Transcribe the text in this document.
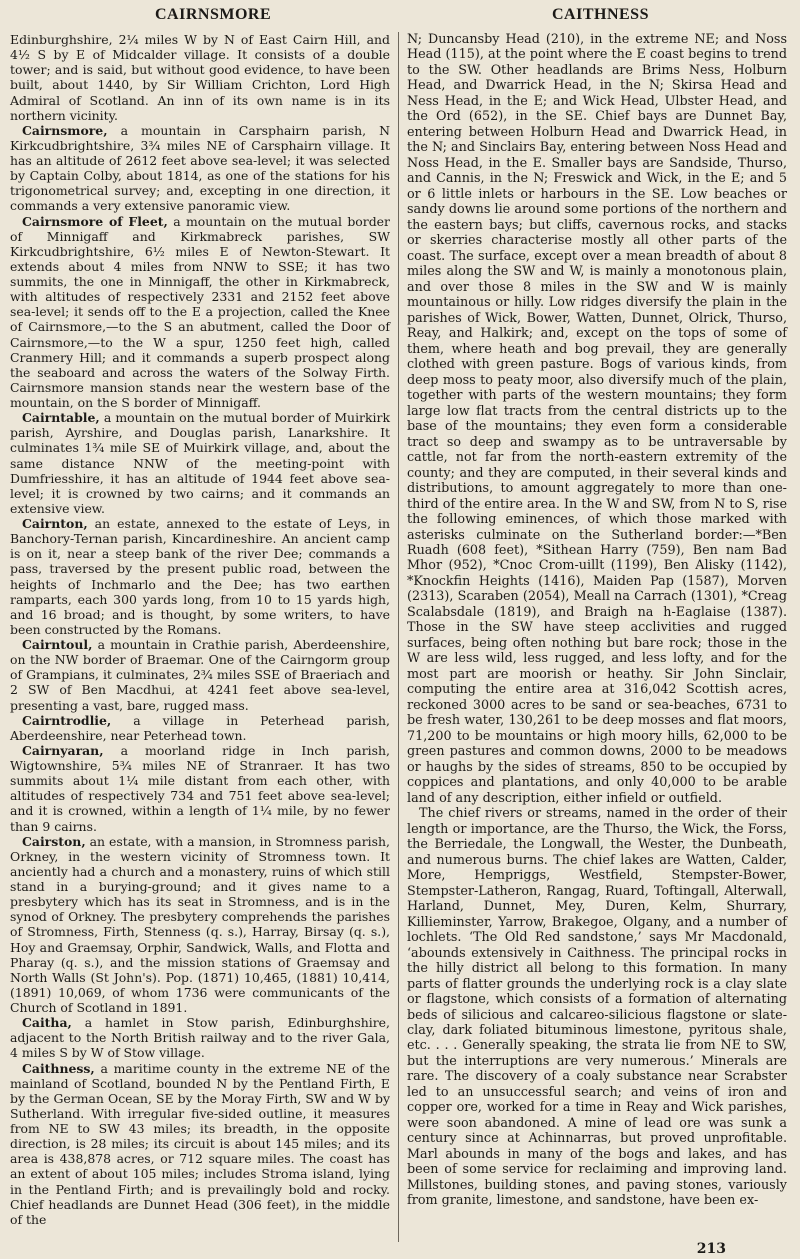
CAIRNSMORE	CAITHNESS

Edinburghshire, 2¼ miles W by N of East Cairn Hill, and 4½ S by E of Midcalder village. It consists of a double tower; and is said, but without good evidence, to have been built, about 1440, by Sir William Crichton, Lord High Admiral of Scotland. An inn of its own name is in its northern vicinity.

Cairnsmore, a mountain in Carsphairn parish, N Kirkcudbrightshire, 3¾ miles NE of Carsphairn village. It has an altitude of 2612 feet above sea-level; it was selected by Captain Colby, about 1814, as one of the stations for his trigonometrical survey; and, excepting in one direction, it commands a very extensive panoramic view.

Cairnsmore of Fleet, a mountain on the mutual border of Minnigaff and Kirkmabreck parishes, SW Kirkcudbrightshire, 6½ miles E of Newton-Stewart. It extends about 4 miles from NNW to SSE; it has two summits, the one in Minnigaff, the other in Kirkmabreck, with altitudes of respectively 2331 and 2152 feet above sea-level; it sends off to the E a projection, called the Knee of Cairnsmore,—to the S an abutment, called the Door of Cairnsmore,—to the W a spur, 1250 feet high, called Cranmery Hill; and it commands a superb prospect along the seaboard and across the waters of the Solway Firth. Cairnsmore mansion stands near the western base of the mountain, on the S border of Minnigaff.

Cairntable, a mountain on the mutual border of Muirkirk parish, Ayrshire, and Douglas parish, Lanarkshire. It culminates 1¾ mile SE of Muirkirk village, and, about the same distance NNW of the meeting-point with Dumfriesshire, it has an altitude of 1944 feet above sea-level; it is crowned by two cairns; and it commands an extensive view.

Cairnton, an estate, annexed to the estate of Leys, in Banchory-Ternan parish, Kincardineshire. An ancient camp is on it, near a steep bank of the river Dee; commands a pass, traversed by the present public road, between the heights of Inchmarlo and the Dee; has two earthen ramparts, each 300 yards long, from 10 to 15 yards high, and 16 broad; and is thought, by some writers, to have been constructed by the Romans.

Cairntoul, a mountain in Crathie parish, Aberdeenshire, on the NW border of Braemar. One of the Cairngorm group of Grampians, it culminates, 2¾ miles SSE of Braeriach and 2 SW of Ben Macdhui, at 4241 feet above sea-level, presenting a vast, bare, rugged mass.

Cairntrodlie, a village in Peterhead parish, Aberdeenshire, near Peterhead town.

Cairnyaran, a moorland ridge in Inch parish, Wigtownshire, 5¾ miles NE of Stranraer. It has two summits about 1¼ mile distant from each other, with altitudes of respectively 734 and 751 feet above sea-level; and it is crowned, within a length of 1¼ mile, by no fewer than 9 cairns.

Cairston, an estate, with a mansion, in Stromness parish, Orkney, in the western vicinity of Stromness town. It anciently had a church and a monastery, ruins of which still stand in a burying-ground; and it gives name to a presbytery which has its seat in Stromness, and is in the synod of Orkney. The presbytery comprehends the parishes of Stromness, Firth, Stenness (q. s.), Harray, Birsay (q. s.), Hoy and Graemsay, Orphir, Sandwick, Walls, and Flotta and Pharay (q. s.), and the mission stations of Graemsay and North Walls (St John's). Pop. (1871) 10,465, (1881) 10,414, (1891) 10,069, of whom 1736 were communicants of the Church of Scotland in 1891.

Caitha, a hamlet in Stow parish, Edinburghshire, adjacent to the North British railway and to the river Gala, 4 miles S by W of Stow village.

Caithness, a maritime county in the extreme NE of the mainland of Scotland, bounded N by the Pentland Firth, E by the German Ocean, SE by the Moray Firth, SW and W by Sutherland. With irregular five-sided outline, it measures from NE to SW 43 miles; its breadth, in the opposite direction, is 28 miles; its circuit is about 145 miles; and its area is 438,878 acres, or 712 square miles. The coast has an extent of about 105 miles; includes Stroma island, lying in the Pentland Firth; and is prevailingly bold and rocky. Chief headlands are Dunnet Head (306 feet), in the middle of the

N; Duncansby Head (210), in the extreme NE; and Noss Head (115), at the point where the E coast begins to trend to the SW. Other headlands are Brims Ness, Holburn Head, and Dwarrick Head, in the N; Skirsa Head and Ness Head, in the E; and Wick Head, Ulbster Head, and the Ord (652), in the SE. Chief bays are Dunnet Bay, entering between Holburn Head and Dwarrick Head, in the N; and Sinclairs Bay, entering between Noss Head and Noss Head, in the E. Smaller bays are Sandside, Thurso, and Cannis, in the N; Freswick and Wick, in the E; and 5 or 6 little inlets or harbours in the SE. Low beaches or sandy downs lie around some portions of the northern and the eastern bays; but cliffs, cavernous rocks, and stacks or skerries characterise mostly all other parts of the coast. The surface, except over a mean breadth of about 8 miles along the SW and W, is mainly a monotonous plain, and over those 8 miles in the SW and W is mainly mountainous or hilly. Low ridges diversify the plain in the parishes of Wick, Bower, Watten, Dunnet, Olrick, Thurso, Reay, and Halkirk; and, except on the tops of some of them, where heath and bog prevail, they are generally clothed with green pasture. Bogs of various kinds, from deep moss to peaty moor, also diversify much of the plain, together with parts of the western mountains; they form large low flat tracts from the central districts up to the base of the mountains; they even form a considerable tract so deep and swampy as to be untraversable by cattle, not far from the north-eastern extremity of the county; and they are computed, in their several kinds and distributions, to amount aggregately to more than one-third of the entire area. In the W and SW, from N to S, rise the following eminences, of which those marked with asterisks culminate on the Sutherland border:—*Ben Ruadh (608 feet), *Sithean Harry (759), Ben nam Bad Mhor (952), *Cnoc Crom-uillt (1199), Ben Alisky (1142), *Knockfin Heights (1416), Maiden Pap (1587), Morven (2313), Scaraben (2054), Meall na Carrach (1301), *Creag Scalabsdale (1819), and Braigh na h-Eaglaise (1387). Those in the SW have steep acclivities and rugged surfaces, being often nothing but bare rock; those in the W are less wild, less rugged, and less lofty, and for the most part are moorish or heathy. Sir John Sinclair, computing the entire area at 316,042 Scottish acres, reckoned 3000 acres to be sand or sea-beaches, 6731 to be fresh water, 130,261 to be deep mosses and flat moors, 71,200 to be mountains or high moory hills, 62,000 to be green pastures and common downs, 2000 to be meadows or haughs by the sides of streams, 850 to be occupied by coppices and plantations, and only 40,000 to be arable land of any description, either infield or outfield.

The chief rivers or streams, named in the order of their length or importance, are the Thurso, the Wick, the Forss, the Berriedale, the Longwall, the Wester, the Dunbeath, and numerous burns. The chief lakes are Watten, Calder, More, Hempriggs, Westfield, Stempster-Bower, Stempster-Latheron, Rangag, Ruard, Toftingall, Alterwall, Harland, Dunnet, Mey, Duren, Kelm, Shurrary, Killieminster, Yarrow, Brakegoe, Olgany, and a number of lochlets. ‘The Old Red sandstone,’ says Mr Macdonald, ‘abounds extensively in Caithness. The principal rocks in the hilly district all belong to this formation. In many parts of flatter grounds the underlying rock is a clay slate or flagstone, which consists of a formation of alternating beds of silicious and calcareo-silicious flagstone or slate-clay, dark foliated bituminous limestone, pyritous shale, etc. . . . Generally speaking, the strata lie from NE to SW, but the interruptions are very numerous.’ Minerals are rare. The discovery of a coaly substance near Scrabster led to an unsuccessful search; and veins of iron and copper ore, worked for a time in Reay and Wick parishes, were soon abandoned. A mine of lead ore was sunk a century since at Achinnarras, but proved unprofitable. Marl abounds in many of the bogs and lakes, and has been of some service for reclaiming and improving land. Millstones, building stones, and paving stones, variously from granite, limestone, and sandstone, have been ex-

213
